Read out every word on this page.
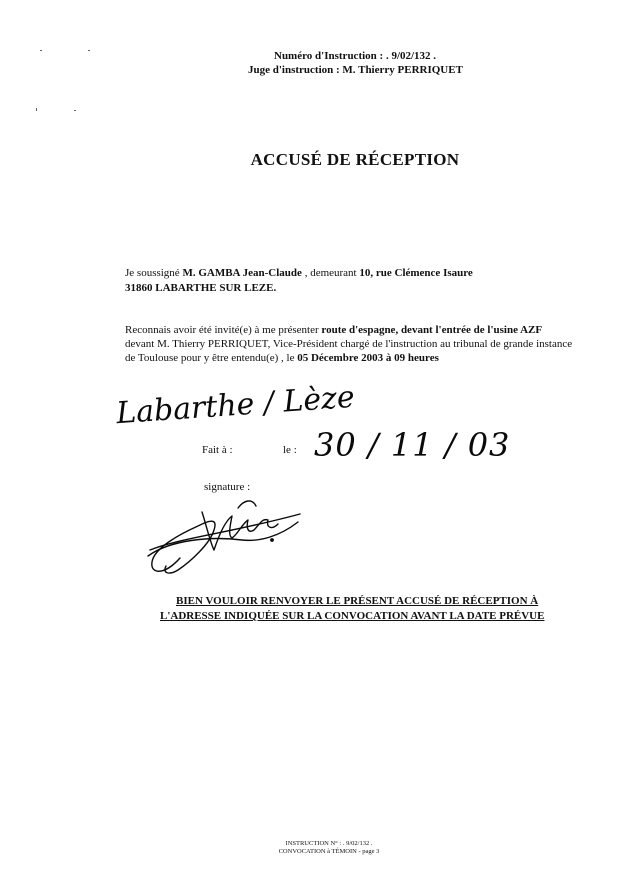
Numéro d'Instruction : . 9/02/132 .
Juge d'instruction : M. Thierry PERRIQUET
ACCUSÉ DE RÉCEPTION
Je soussigné M. GAMBA Jean-Claude , demeurant 10, rue Clémence Isaure
31860 LABARTHE SUR LEZE.
Reconnais avoir été invité(e) à me présenter route d'espagne, devant l'entrée de l'usine AZF
devant M. Thierry PERRIQUET, Vice-Président chargé de l'instruction au tribunal de grande instance
de Toulouse pour y être entendu(e) , le 05 Décembre 2003 à 09 heures
Labarthe / Lèze
Fait à :	le : 30 / 11 / 03
signature :
BIEN VOULOIR RENVOYER LE PRÉSENT ACCUSÉ DE RÉCEPTION À
L'ADRESSE INDIQUÉE SUR LA CONVOCATION AVANT LA DATE PRÉVUE
INSTRUCTION N° : . 9/02/132 .
CONVOCATION à TÉMOIN - page 3
